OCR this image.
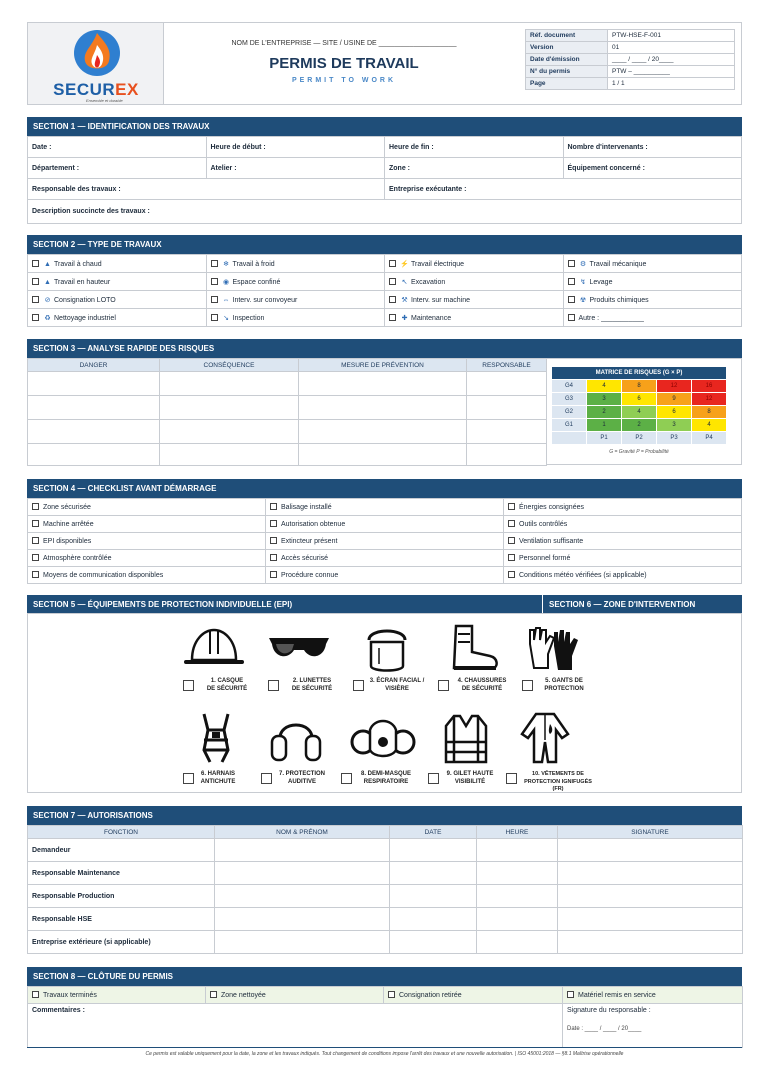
SECUREX
Ensemble et durable
NOM DE L'ENTREPRISE — SITE / USINE DE ____________________
PERMIS DE TRAVAIL
PERMIT TO WORK
Réf. document	PTW-HSE-F-001
Version	01
Date d'émission	____ / ____ / 20____
N° du permis	PTW – __________
Page	1 / 1
SECTION 1 — IDENTIFICATION DES TRAVAUX
Date :	Heure de début :	Heure de fin :	Nombre d'intervenants :
Département :	Atelier :	Zone :	Équipement concerné :
Responsable des travaux :		Entreprise exécutante :	
Description succincte des travaux :			
SECTION 2 — TYPE DE TRAVAUX
▲ Travail à chaud	❄ Travail à froid	⚡ Travail électrique	⚙ Travail mécanique
▲ Travail en hauteur	◉ Espace confiné	↖ Excavation	↯ Levage
⊘ Consignation LOTO	⇔ Interv. sur convoyeur	⚒ Interv. sur machine	☢ Produits chimiques
♻ Nettoyage industriel	↘ Inspection	✚ Maintenance	Autre : ___________
SECTION 3 — ANALYSE RAPIDE DES RISQUES
DANGER	CONSÉQUENCE	MESURE DE PRÉVENTION	RESPONSABLE

MATRICE DE RISQUES (G × P)				
G4	4	8	12	16
G3	3	6	9	12
G2	2	4	6	8
G1	1	2	3	4
	P1	P2	P3	P4
G = Gravité P = Probabilité
SECTION 4 — CHECKLIST AVANT DÉMARRAGE
Zone sécurisée	Balisage installé	Énergies consignées
Machine arrêtée	Autorisation obtenue	Outils contrôlés
EPI disponibles	Extincteur présent	Ventilation suffisante
Atmosphère contrôlée	Accès sécurisé	Personnel formé
Moyens de communication disponibles	Procédure connue	Conditions météo vérifiées (si applicable)
SECTION 5 — ÉQUIPEMENTS DE PROTECTION INDIVIDUELLE (EPI)	SECTION 6 — ZONE D'INTERVENTION
1. CASQUE
DE SÉCURITÉ
2. LUNETTES
DE SÉCURITÉ
3. ÉCRAN FACIAL /
VISIÈRE
4. CHAUSSURES
DE SÉCURITÉ
5. GANTS DE
PROTECTION
6. HARNAIS
ANTICHUTE
7. PROTECTION
AUDITIVE
8. DEMI-MASQUE
RESPIRATOIRE
9. GILET HAUTE
VISIBILITÉ
10. VÊTEMENTS DE
PROTECTION IGNIFUGÉS (FR)
SECTION 7 — AUTORISATIONS
FONCTION	NOM & PRÉNOM	DATE	HEURE	SIGNATURE
Demandeur				
Responsable Maintenance				
Responsable Production				
Responsable HSE				
Entreprise extérieure (si applicable)				
SECTION 8 — CLÔTURE DU PERMIS
Travaux terminés	Zone nettoyée	Consignation retirée	Matériel remis en service
Commentaires :			Signature du responsable :
Date : ____ / ____ / 20____
Ce permis est valable uniquement pour la date, la zone et les travaux indiqués. Tout changement de conditions impose l'arrêt des travaux et une nouvelle autorisation. | ISO 45001:2018 — §8.1 Maîtrise opérationnelle
